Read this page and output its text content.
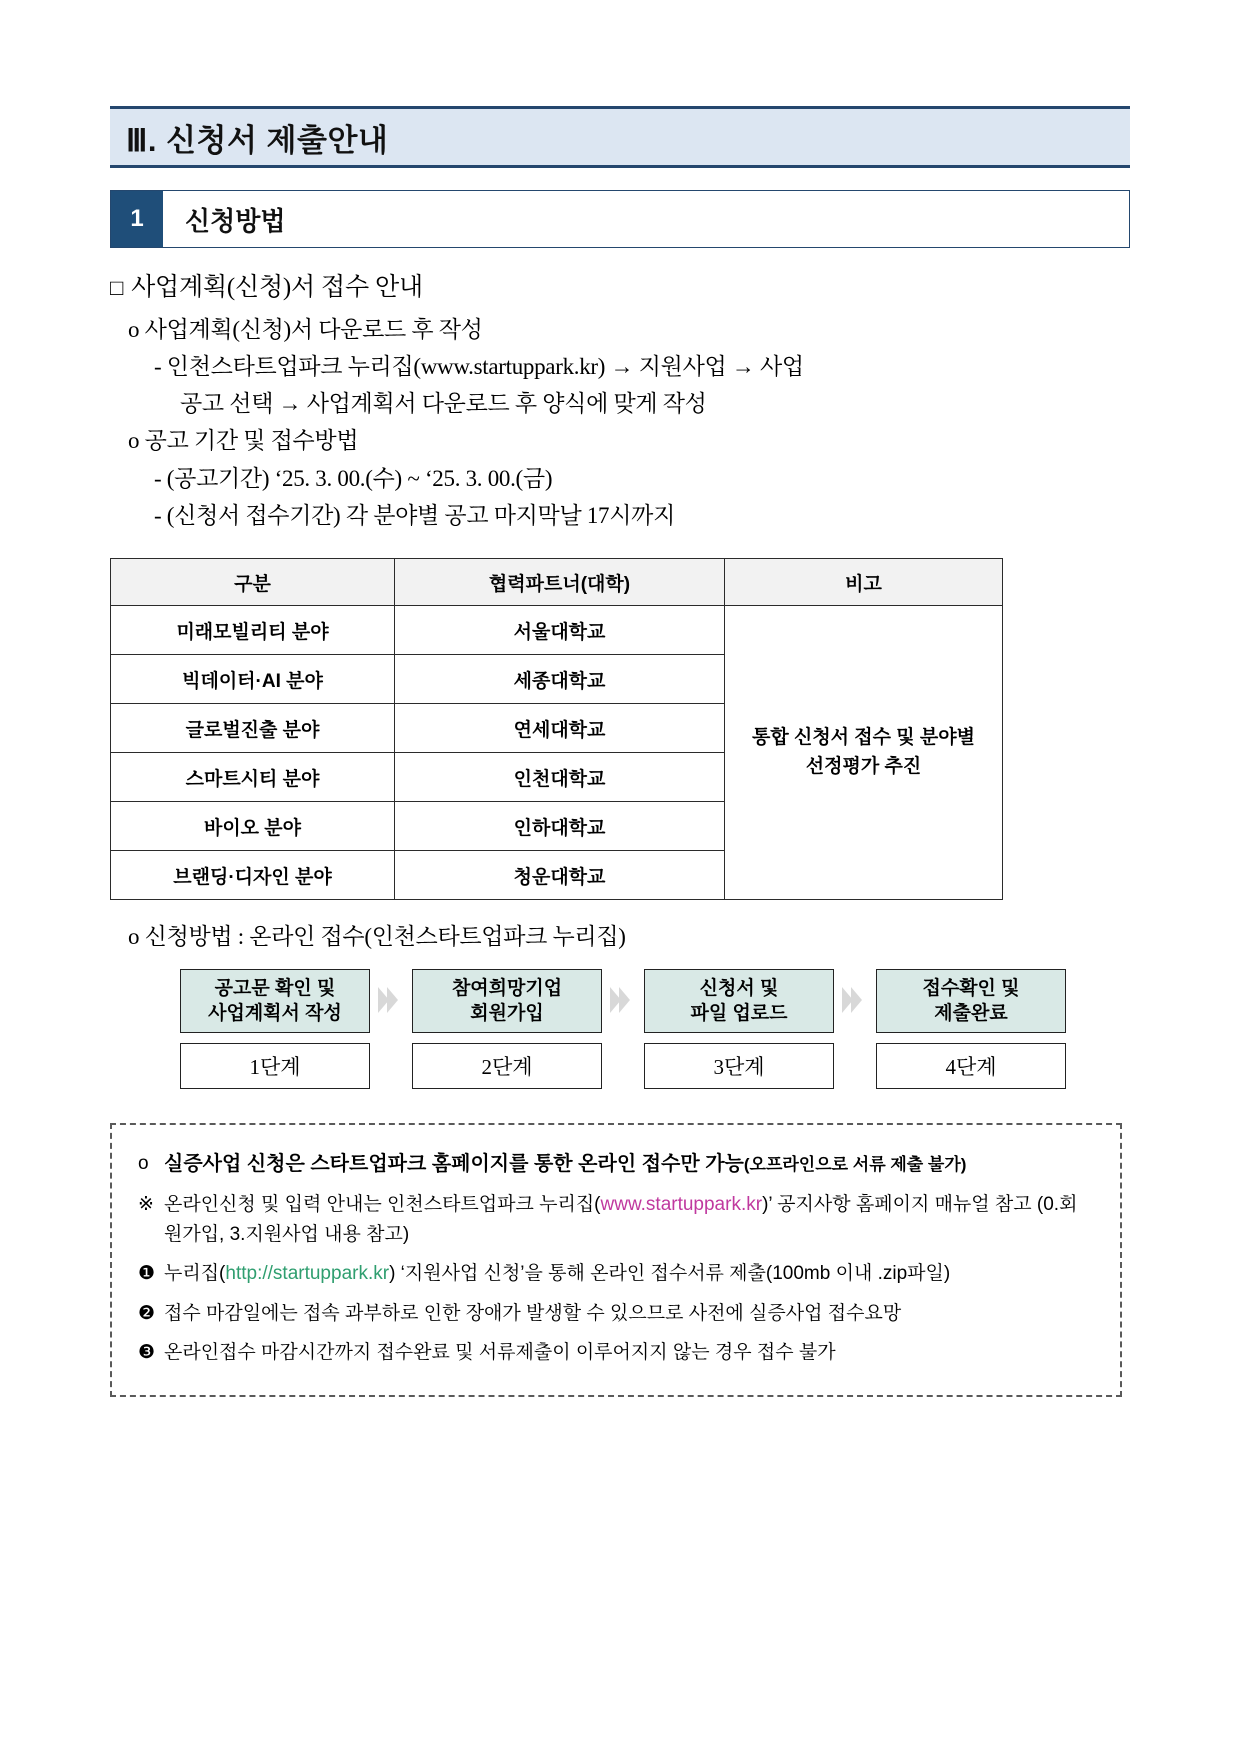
Ⅲ. 신청서 제출안내
1	신청방법
□ 사업계획(신청)서 접수 안내
o 사업계획(신청)서 다운로드 후 작성
- 인천스타트업파크 누리집(www.startuppark.kr) → 지원사업 → 사업
공고 선택 → 사업계획서 다운로드 후 양식에 맞게 작성
o 공고 기간 및 접수방법
- (공고기간) ‘25. 3. 00.(수) ~ ‘25. 3. 00.(금)
- (신청서 접수기간) 각 분야별 공고 마지막날 17시까지
구분	협력파트너(대학)	비고
미래모빌리티 분야	서울대학교	통합 신청서 접수 및 분야별
선정평가 추진
빅데이터·AI 분야	세종대학교	
글로벌진출 분야	연세대학교	
스마트시티 분야	인천대학교	
바이오 분야	인하대학교	
브랜딩·디자인 분야	청운대학교	
o 신청방법 : 온라인 접수(인천스타트업파크 누리집)
공고문 확인 및
사업계획서 작성
1단계
참여희망기업
회원가입
2단계
신청서 및
파일 업로드
3단계
접수확인 및
제출완료
4단계
o 실증사업 신청은 스타트업파크 홈페이지를 통한 온라인 접수만 가능(오프라인으로 서류 제출 불가)
※ 온라인신청 및 입력 안내는 인천스타트업파크 누리집(www.startuppark.kr)’ 공지사항 홈페이지 매뉴얼 참고 (0.회
원가입, 3.지원사업 내용 참고)
❶ 누리집(http://startuppark.kr) ‘지원사업 신청’을 통해 온라인 접수서류 제출(100mb 이내 .zip파일)
❷ 접수 마감일에는 접속 과부하로 인한 장애가 발생할 수 있으므로 사전에 실증사업 접수요망
❸ 온라인접수 마감시간까지 접수완료 및 서류제출이 이루어지지 않는 경우 접수 불가
